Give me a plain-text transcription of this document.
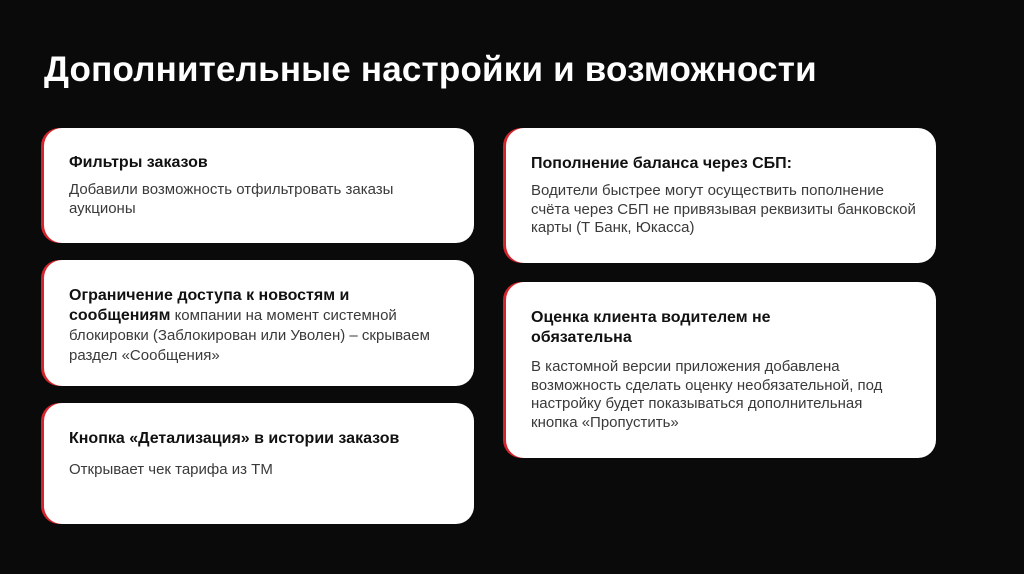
Дополнительные настройки и возможности
Фильтры заказов
Добавили возможность отфильтровать заказы аукционы
Ограничение доступа к новостям и сообщениям компании на момент системной блокировки (Заблокирован или Уволен) – скрываем раздел «Сообщения»
Кнопка «Детализация» в истории заказов
Открывает чек тарифа из ТМ
Пополнение баланса через СБП:
Водители быстрее могут осуществить пополнение счёта через СБП не привязывая реквизиты банковской карты (Т Банк, Юкасса)
Оценка клиента водителем не обязательна
В кастомной версии приложения добавлена возможность сделать оценку необязательной, под настройку будет показываться дополнительная кнопка «Пропустить»
